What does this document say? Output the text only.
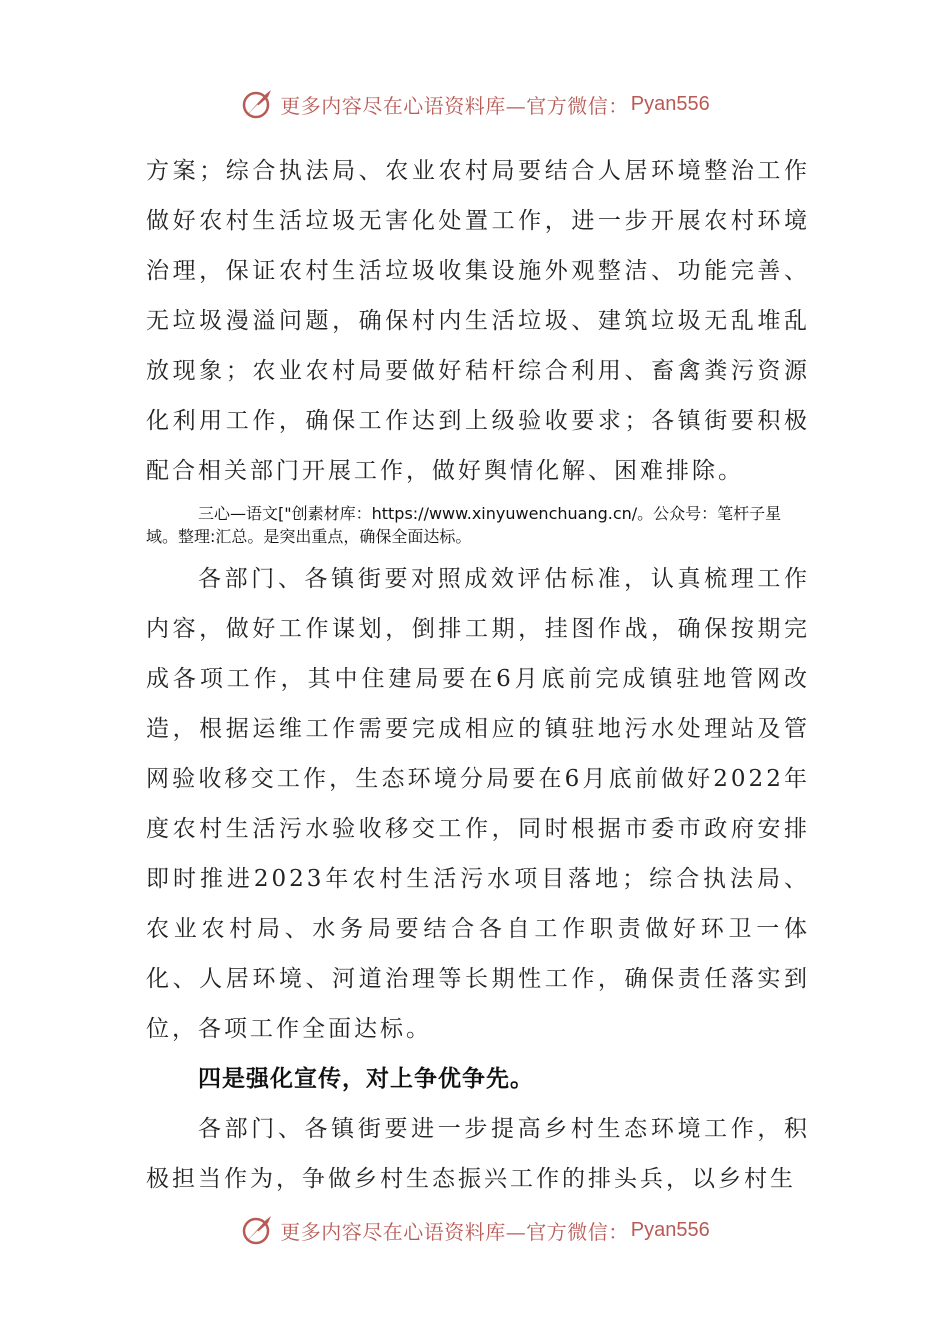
更多内容尽在心语资料库—官方微信： Pyan556

方案；综合执法局、农业农村局要结合人居环境整治工作做好农村生活垃圾无害化处置工作，进一步开展农村环境治理，保证农村生活垃圾收集设施外观整洁、功能完善、无垃圾漫溢问题，确保村内生活垃圾、建筑垃圾无乱堆乱放现象；农业农村局要做好秸杆综合利用、畜禽粪污资源化利用工作，确保工作达到上级验收要求；各镇街要积极配合相关部门开展工作，做好舆情化解、困难排除。

三心—语文["创素材库：https://www.xinyuwenchuang.cn/。公众号：笔杆子星域。整理:汇总。是突出重点，确保全面达标。

各部门、各镇街要对照成效评估标准，认真梳理工作内容，做好工作谋划，倒排工期，挂图作战，确保按期完成各项工作，其中住建局要在6月底前完成镇驻地管网改造，根据运维工作需要完成相应的镇驻地污水处理站及管网验收移交工作，生态环境分局要在6月底前做好2022年度农村生活污水验收移交工作，同时根据市委市政府安排即时推进2023年农村生活污水项目落地；综合执法局、农业农村局、水务局要结合各自工作职责做好环卫一体化、人居环境、河道治理等长期性工作，确保责任落实到位，各项工作全面达标。

四是强化宣传，对上争优争先。

各部门、各镇街要进一步提高乡村生态环境工作，积极担当作为，争做乡村生态振兴工作的排头兵，以乡村生

更多内容尽在心语资料库—官方微信： Pyan556
